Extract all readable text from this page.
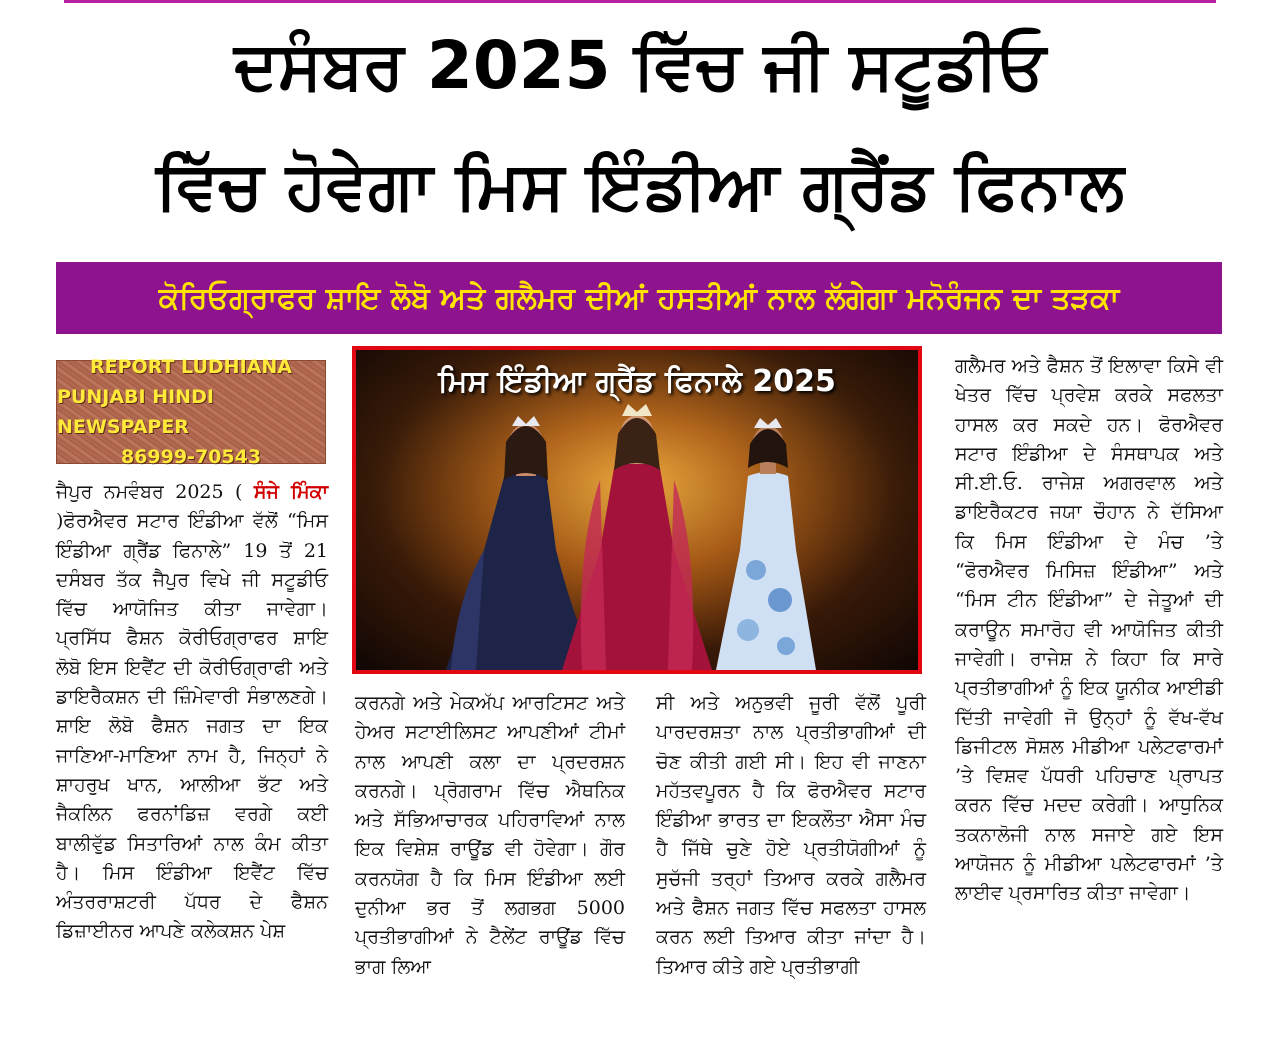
ਦਸੰਬਰ 2025 ਵਿੱਚ ਜੀ ਸਟੂਡੀਓ
ਵਿੱਚ ਹੋਵੇਗਾ ਮਿਸ ਇੰਡੀਆ ਗ੍ਰੈਂਡ ਫਿਨਾਲ
ਕੋਰਿਓਗ੍ਰਾਫਰ ਸ਼ਾਇ ਲੋਬੋ ਅਤੇ ਗਲੈਮਰ ਦੀਆਂ ਹਸਤੀਆਂ ਨਾਲ ਲੱਗੇਗਾ ਮਨੋਰੰਜਨ ਦਾ ਤੜਕਾ
REPORT LUDHIANA
PUNJABI HINDI NEWSPAPER
86999-70543

ਜੈਪੁਰ ਨਮਵੰਬਰ 2025 ( ਸੰਜੇ ਮਿੰਕਾ )ਫੋਰਐਵਰ ਸਟਾਰ ਇੰਡੀਆ ਵੱਲੋਂ “ਮਿਸ ਇੰਡੀਆ ਗ੍ਰੈਂਡ ਫਿਨਾਲੇ” 19 ਤੋਂ 21 ਦਸੰਬਰ ਤੱਕ ਜੈਪੁਰ ਵਿਖੇ ਜੀ ਸਟੂਡੀਓ ਵਿੱਚ ਆਯੋਜਿਤ ਕੀਤਾ ਜਾਵੇਗਾ। ਪ੍ਰਸਿੱਧ ਫੈਸ਼ਨ ਕੋਰੀਓਗ੍ਰਾਫਰ ਸ਼ਾਇ ਲੋਬੋ ਇਸ ਇਵੈਂਟ ਦੀ ਕੋਰੀਓਗ੍ਰਾਫੀ ਅਤੇ ਡਾਇਰੈਕਸ਼ਨ ਦੀ ਜ਼ਿੰਮੇਵਾਰੀ ਸੰਭਾਲਣਗੇ। ਸ਼ਾਇ ਲੋਬੋ ਫੈਸ਼ਨ ਜਗਤ ਦਾ ਇਕ ਜਾਣਿਆ-ਮਾਣਿਆ ਨਾਮ ਹੈ, ਜਿਨ੍ਹਾਂ ਨੇ ਸ਼ਾਹਰੁਖ ਖਾਨ, ਆਲੀਆ ਭੱਟ ਅਤੇ ਜੈਕਲਿਨ ਫਰਨਾਂਡਿਜ਼ ਵਰਗੇ ਕਈ ਬਾਲੀਵੁੱਡ ਸਿਤਾਰਿਆਂ ਨਾਲ ਕੰਮ ਕੀਤਾ ਹੈ। ਮਿਸ ਇੰਡੀਆ ਇਵੈਂਟ ਵਿੱਚ ਅੰਤਰਰਾਸ਼ਟਰੀ ਪੱਧਰ ਦੇ ਫੈਸ਼ਨ ਡਿਜ਼ਾਈਨਰ ਆਪਣੇ ਕਲੇਕਸ਼ਨ ਪੇਸ਼

ਮਿਸ ਇੰਡੀਆ ਗ੍ਰੈਂਡ ਫਿਨਾਲੇ 2025

ਕਰਨਗੇ ਅਤੇ ਮੇਕਅੱਪ ਆਰਟਿਸਟ ਅਤੇ ਹੇਅਰ ਸਟਾਈਲਿਸਟ ਆਪਣੀਆਂ ਟੀਮਾਂ ਨਾਲ ਆਪਣੀ ਕਲਾ ਦਾ ਪ੍ਰਦਰਸ਼ਨ ਕਰਨਗੇ। ਪ੍ਰੋਗਰਾਮ ਵਿੱਚ ਐਥਨਿਕ ਅਤੇ ਸੱਭਿਆਚਾਰਕ ਪਹਿਰਾਵਿਆਂ ਨਾਲ ਇਕ ਵਿਸ਼ੇਸ਼ ਰਾਊਂਡ ਵੀ ਹੋਵੇਗਾ। ਗੌਰ ਕਰਨਯੋਗ ਹੈ ਕਿ ਮਿਸ ਇੰਡੀਆ ਲਈ ਦੁਨੀਆ ਭਰ ਤੋਂ ਲਗਭਗ 5000 ਪ੍ਰਤੀਭਾਗੀਆਂ ਨੇ ਟੈਲੇਂਟ ਰਾਊਂਡ ਵਿੱਚ ਭਾਗ ਲਿਆ

ਸੀ ਅਤੇ ਅਨੁਭਵੀ ਜੂਰੀ ਵੱਲੋਂ ਪੂਰੀ ਪਾਰਦਰਸ਼ਤਾ ਨਾਲ ਪ੍ਰਤੀਭਾਗੀਆਂ ਦੀ ਚੋਣ ਕੀਤੀ ਗਈ ਸੀ। ਇਹ ਵੀ ਜਾਣਨਾ ਮਹੱਤਵਪੂਰਨ ਹੈ ਕਿ ਫੋਰਐਵਰ ਸਟਾਰ ਇੰਡੀਆ ਭਾਰਤ ਦਾ ਇਕਲੌਤਾ ਐਸਾ ਮੰਚ ਹੈ ਜਿੱਥੇ ਚੁਣੇ ਹੋਏ ਪ੍ਰਤੀਯੋਗੀਆਂ ਨੂੰ ਸੁਚੱਜੀ ਤਰ੍ਹਾਂ ਤਿਆਰ ਕਰਕੇ ਗਲੈਮਰ ਅਤੇ ਫੈਸ਼ਨ ਜਗਤ ਵਿੱਚ ਸਫਲਤਾ ਹਾਸਲ ਕਰਨ ਲਈ ਤਿਆਰ ਕੀਤਾ ਜਾਂਦਾ ਹੈ। ਤਿਆਰ ਕੀਤੇ ਗਏ ਪ੍ਰਤੀਭਾਗੀ

ਗਲੈਮਰ ਅਤੇ ਫੈਸ਼ਨ ਤੋਂ ਇਲਾਵਾ ਕਿਸੇ ਵੀ ਖੇਤਰ ਵਿੱਚ ਪ੍ਰਵੇਸ਼ ਕਰਕੇ ਸਫਲਤਾ ਹਾਸਲ ਕਰ ਸਕਦੇ ਹਨ। ਫੋਰਐਵਰ ਸਟਾਰ ਇੰਡੀਆ ਦੇ ਸੰਸਥਾਪਕ ਅਤੇ ਸੀ.ਈ.ਓ. ਰਾਜੇਸ਼ ਅਗਰਵਾਲ ਅਤੇ ਡਾਇਰੈਕਟਰ ਜਯਾ ਚੌਹਾਨ ਨੇ ਦੱਸਿਆ ਕਿ ਮਿਸ ਇੰਡੀਆ ਦੇ ਮੰਚ ’ਤੇ “ਫੋਰਐਵਰ ਮਿਸਿਜ਼ ਇੰਡੀਆ” ਅਤੇ “ਮਿਸ ਟੀਨ ਇੰਡੀਆ” ਦੇ ਜੇਤੂਆਂ ਦੀ ਕਰਾਊਨ ਸਮਾਰੋਹ ਵੀ ਆਯੋਜਿਤ ਕੀਤੀ ਜਾਵੇਗੀ। ਰਾਜੇਸ਼ ਨੇ ਕਿਹਾ ਕਿ ਸਾਰੇ ਪ੍ਰਤੀਭਾਗੀਆਂ ਨੂੰ ਇਕ ਯੂਨੀਕ ਆਈਡੀ ਦਿੱਤੀ ਜਾਵੇਗੀ ਜੋ ਉਨ੍ਹਾਂ ਨੂੰ ਵੱਖ-ਵੱਖ ਡਿਜੀਟਲ ਸੋਸ਼ਲ ਮੀਡੀਆ ਪਲੇਟਫਾਰਮਾਂ ’ਤੇ ਵਿਸ਼ਵ ਪੱਧਰੀ ਪਹਿਚਾਣ ਪ੍ਰਾਪਤ ਕਰਨ ਵਿੱਚ ਮਦਦ ਕਰੇਗੀ। ਆਧੁਨਿਕ ਤਕਨਾਲੋਜੀ ਨਾਲ ਸਜਾਏ ਗਏ ਇਸ ਆਯੋਜਨ ਨੂੰ ਮੀਡੀਆ ਪਲੇਟਫਾਰਮਾਂ ’ਤੇ ਲਾਈਵ ਪ੍ਰਸਾਰਿਤ ਕੀਤਾ ਜਾਵੇਗਾ।
